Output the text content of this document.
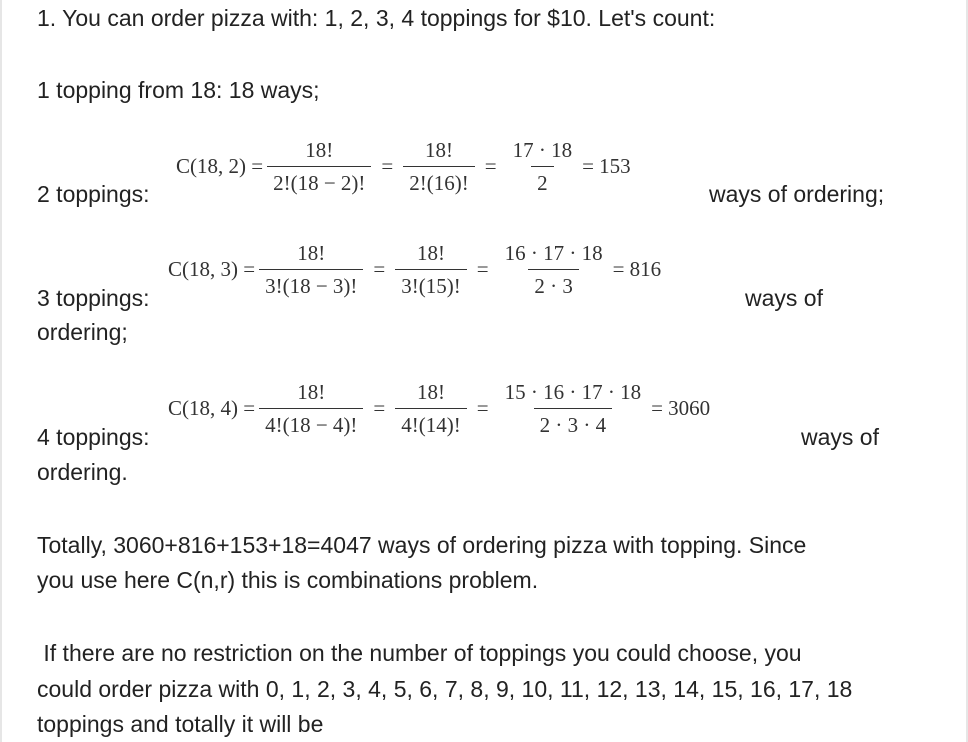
1. You can order pizza with: 1, 2, 3, 4 toppings for $10. Let's count:
1 topping from 18: 18 ways;
2 toppings:
C(18, $2) = \frac{18!}{2!(18 - 2)!} = \frac{18!}{2!(16)!} = \frac{17 \cdot 18}{2} = 153$
ways of ordering;
3 toppings:
C(18, $3) = \frac{18!}{3!(18 - 3)!} = \frac{18!}{3!(15)!} = \frac{16 \cdot 17 \cdot 18}{2 \cdot 3} = 816$
ways of
ordering;
4 toppings:
C(18, $4) = \frac{18!}{4!(18 - 4)!} = \frac{18!}{4!(14)!} = \frac{15 \cdot 16 \cdot 17 \cdot 18}{2 \cdot 3 \cdot 4} = 3060$
ways of
ordering.
Totally, 3060+816+153+18=4047 ways of ordering pizza with topping. Since
you use here C(n,r) this is combinations problem.
If there are no restriction on the number of toppings you could choose, you
could order pizza with 0, 1, 2, 3, 4, 5, 6, 7, 8, 9, 10, 11, 12, 13, 14, 15, 16, 17, 18
toppings and totally it will be
